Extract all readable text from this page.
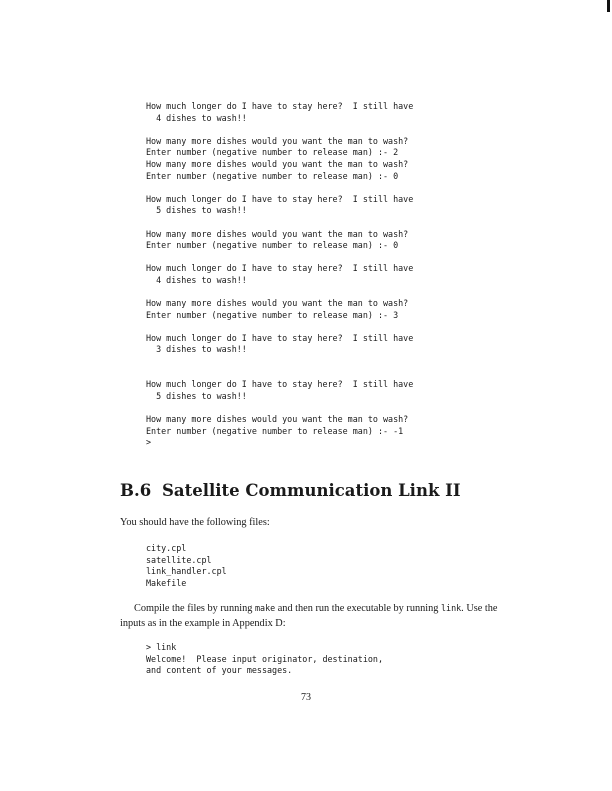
How much longer do I have to stay here?  I still have
4 dishes to wash!!
How many more dishes would you want the man to wash?
Enter number (negative number to release man) :- 2
How many more dishes would you want the man to wash?
Enter number (negative number to release man) :- 0
How much longer do I have to stay here?  I still have
5 dishes to wash!!
How many more dishes would you want the man to wash?
Enter number (negative number to release man) :- 0
How much longer do I have to stay here?  I still have
4 dishes to wash!!
How many more dishes would you want the man to wash?
Enter number (negative number to release man) :- 3
How much longer do I have to stay here?  I still have
3 dishes to wash!!
How much longer do I have to stay here?  I still have
5 dishes to wash!!
How many more dishes would you want the man to wash?
Enter number (negative number to release man) :- -1
>
B.6 Satellite Communication Link II

You should have the following files:

city.cpl
satellite.cpl
link_handler.cpl
Makefile

Compile the files by running make and then run the executable by running link. Use the inputs as in the example in Appendix D:

> link
Welcome!  Please input originator, destination,
and content of your messages.

73
